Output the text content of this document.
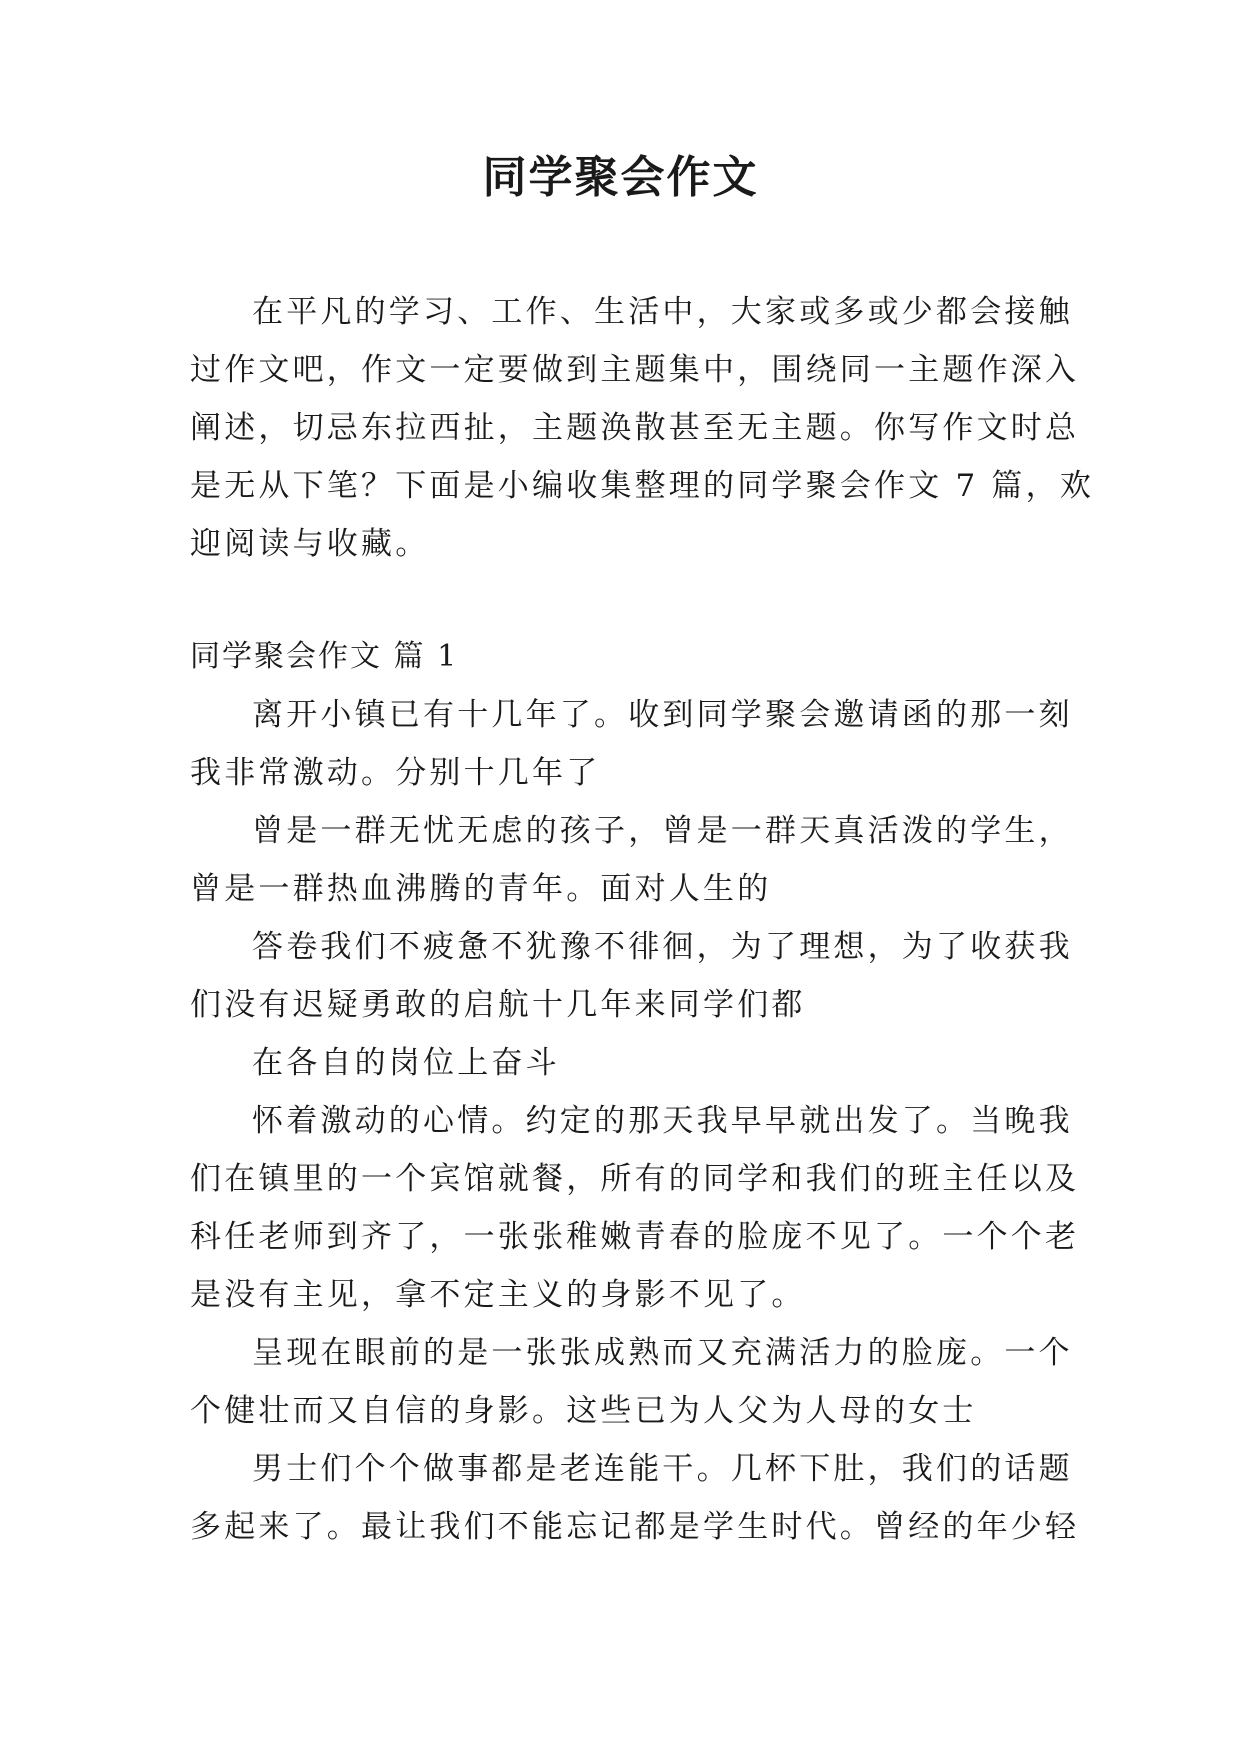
同学聚会作文

在平凡的学习、工作、生活中，大家或多或少都会接触
过作文吧，作文一定要做到主题集中，围绕同一主题作深入
阐述，切忌东拉西扯，主题涣散甚至无主题。你写作文时总
是无从下笔？下面是小编收集整理的同学聚会作文 7 篇，欢
迎阅读与收藏。

同学聚会作文 篇 1

离开小镇已有十几年了。收到同学聚会邀请函的那一刻
我非常激动。分别十几年了

曾是一群无忧无虑的孩子，曾是一群天真活泼的学生，
曾是一群热血沸腾的青年。面对人生的

答卷我们不疲惫不犹豫不徘徊，为了理想，为了收获我
们没有迟疑勇敢的启航十几年来同学们都

在各自的岗位上奋斗

怀着激动的心情。约定的那天我早早就出发了。当晚我
们在镇里的一个宾馆就餐，所有的同学和我们的班主任以及
科任老师到齐了，一张张稚嫩青春的脸庞不见了。一个个老
是没有主见，拿不定主义的身影不见了。

呈现在眼前的是一张张成熟而又充满活力的脸庞。一个
个健壮而又自信的身影。这些已为人父为人母的女士

男士们个个做事都是老连能干。几杯下肚，我们的话题
多起来了。最让我们不能忘记都是学生时代。曾经的年少轻
